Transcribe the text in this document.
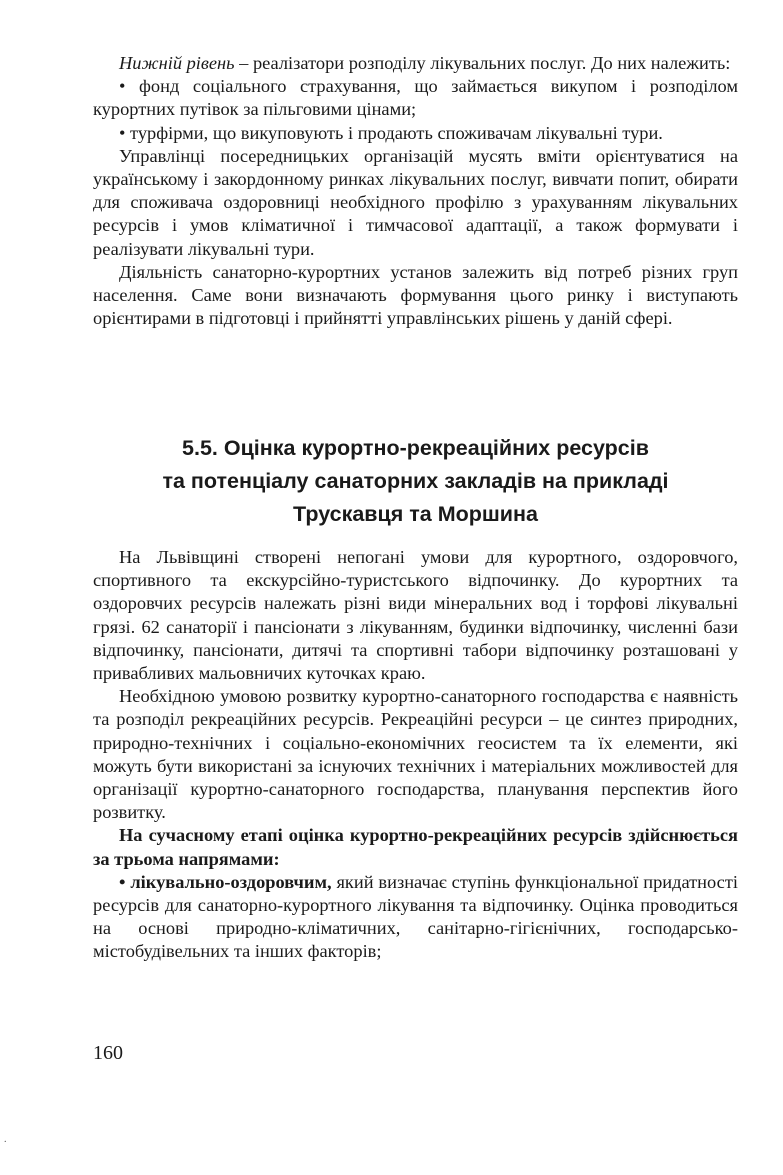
Нижній рівень – реалізатори розподілу лікувальних послуг. До них належить:

• фонд соціального страхування, що займається викупом і розподілом курортних путівок за пільговими цінами;

• турфірми, що викуповують і продають споживачам лікувальні тури.

Управлінці посередницьких організацій мусять вміти орієнтуватися на українському і закордонному ринках лікувальних послуг, вивчати попит, обирати для споживача оздоровниці необхідного профілю з урахуванням лікувальних ресурсів і умов кліматичної і тимчасової адаптації, а також формувати і реалізувати лікувальні тури.

Діяльність санаторно-курортних установ залежить від потреб різних груп населення. Саме вони визначають формування цього ринку і виступають орієнтирами в підготовці і прийнятті управлінських рішень у даній сфері.

5.5. Оцінка курортно-рекреаційних ресурсів
та потенціалу санаторних закладів на прикладі
Трускавця та Моршина

На Львівщині створені непогані умови для курортного, оздоровчого, спортивного та екскурсійно-туристського відпочинку. До курортних та оздоровчих ресурсів належать різні види мінеральних вод і торфові лікувальні грязі. 62 санаторії і пансіонати з лікуванням, будинки відпочинку, численні бази відпочинку, пансіонати, дитячі та спортивні табори відпочинку розташовані у привабливих мальовничих куточках краю.

Необхідною умовою розвитку курортно-санаторного господарства є наявність та розподіл рекреаційних ресурсів. Рекреаційні ресурси – це синтез природних, природно-технічних і соціально-економічних геосистем та їх елементи, які можуть бути використані за існуючих технічних і матеріальних можливостей для організації курортно-санаторного господарства, планування перспектив його розвитку.

На сучасному етапі оцінка курортно-рекреаційних ресурсів здійснюється за трьома напрямами:

• лікувально-оздоровчим, який визначає ступінь функціональної придатності ресурсів для санаторно-курортного лікування та відпочинку. Оцінка проводиться на основі природно-кліматичних, санітарно-гігієнічних, господарсько-містобудівельних та інших факторів;

160
.
